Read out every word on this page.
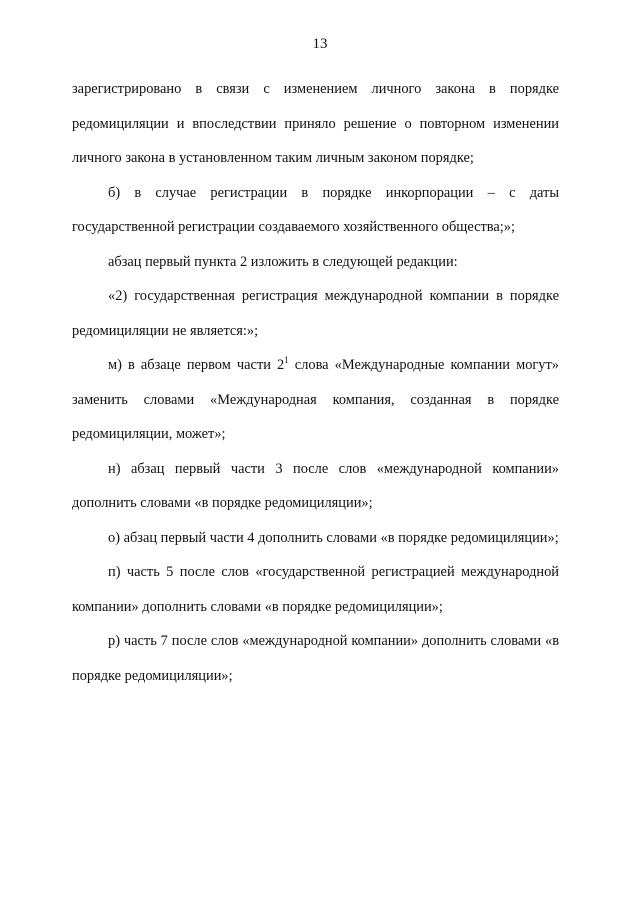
13

зарегистрировано в связи с изменением личного закона в порядке редомициляции и впоследствии приняло решение о повторном изменении личного закона в установленном таким личным законом порядке;

б) в случае регистрации в порядке инкорпорации – с даты государственной регистрации создаваемого хозяйственного общества;»;

абзац первый пункта 2 изложить в следующей редакции:

«2) государственная регистрация международной компании в порядке редомициляции не является:»;

м) в абзаце первом части $2^1$ слова «Международные компании могут» заменить словами «Международная компания, созданная в порядке редомициляции, может»;

н) абзац первый части 3 после слов «международной компании» дополнить словами «в порядке редомициляции»;

о) абзац первый части 4 дополнить словами «в порядке редомициляции»;

п) часть 5 после слов «государственной регистрацией международной компании» дополнить словами «в порядке редомициляции»;

р) часть 7 после слов «международной компании» дополнить словами «в порядке редомициляции»;
